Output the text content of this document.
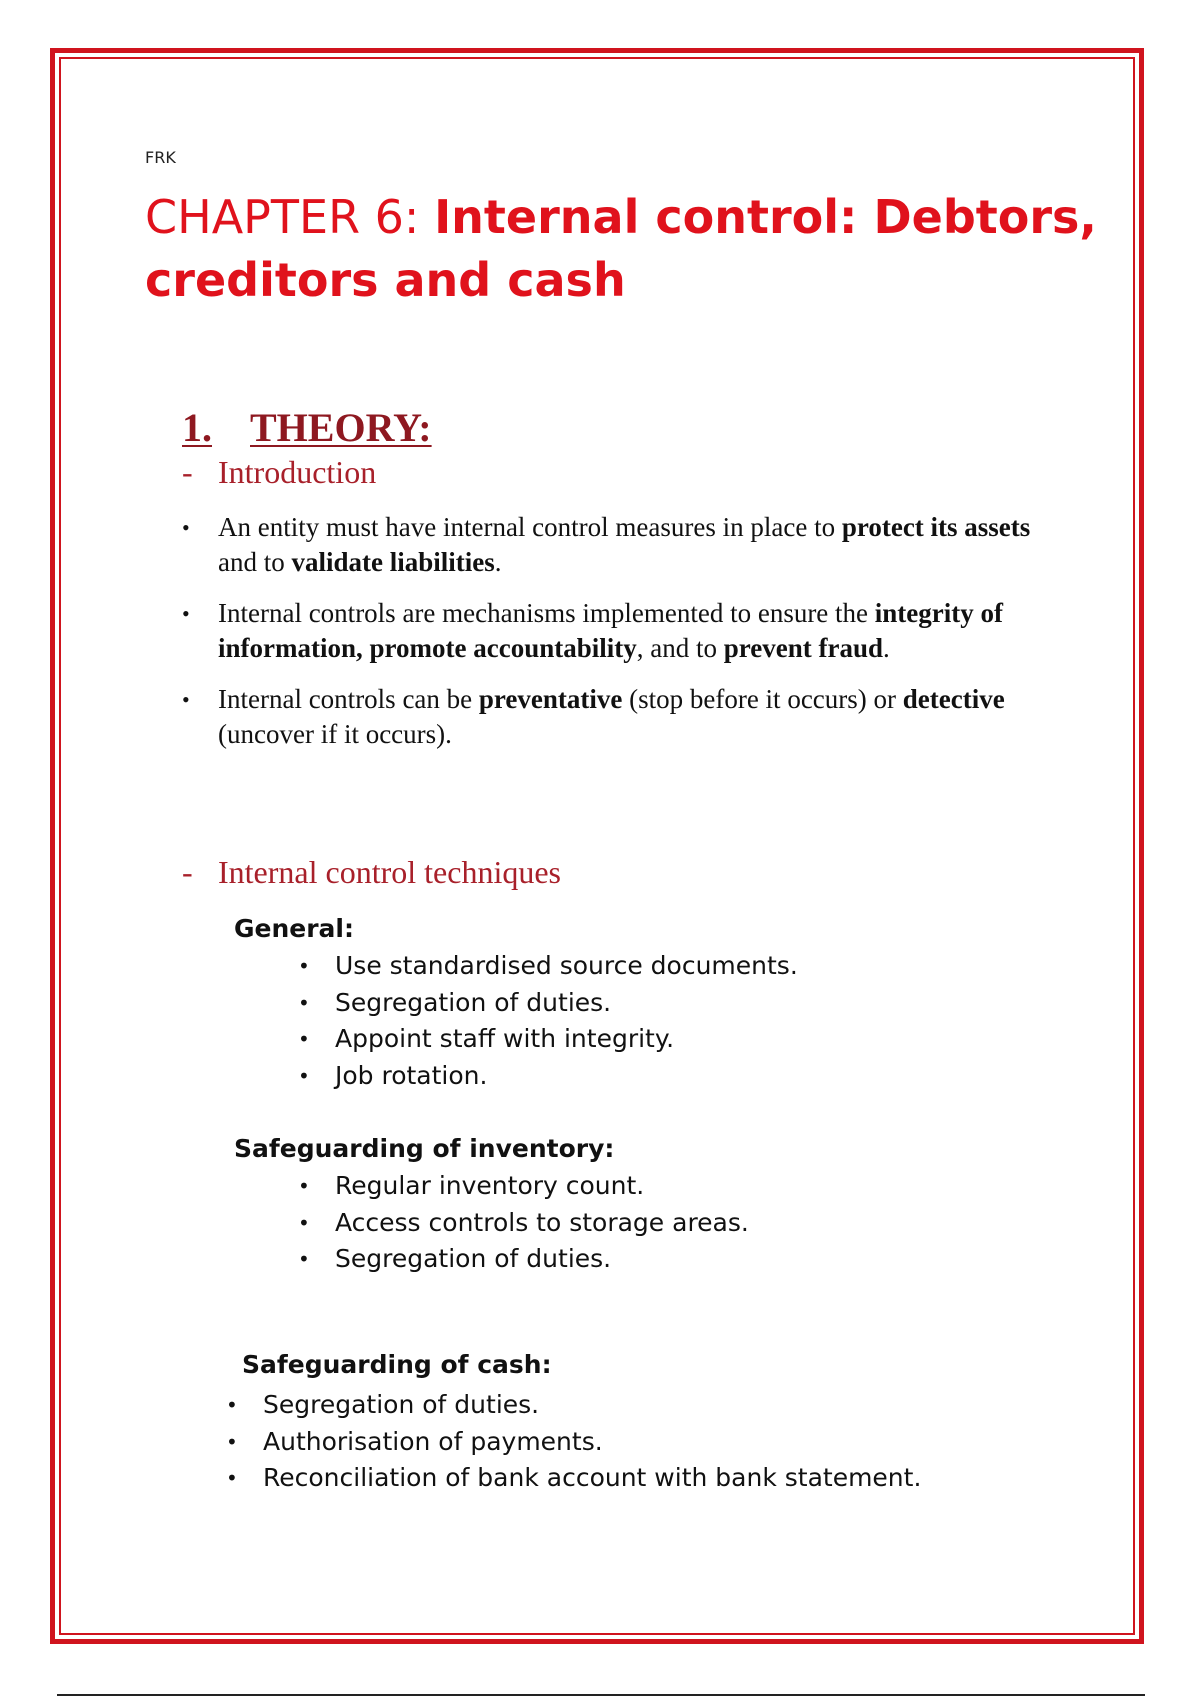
FRK
CHAPTER 6: Internal control: Debtors, creditors and cash
1. THEORY:
- Introduction
• An entity must have internal control measures in place to protect its assets and to validate liabilities.
• Internal controls are mechanisms implemented to ensure the integrity of information, promote accountability, and to prevent fraud.
• Internal controls can be preventative (stop before it occurs) or detective (uncover if it occurs).
- Internal control techniques
General:
• Use standardised source documents.
• Segregation of duties.
• Appoint staff with integrity.
• Job rotation.
Safeguarding of inventory:
• Regular inventory count.
• Access controls to storage areas.
• Segregation of duties.
Safeguarding of cash:
• Segregation of duties.
• Authorisation of payments.
• Reconciliation of bank account with bank statement.
